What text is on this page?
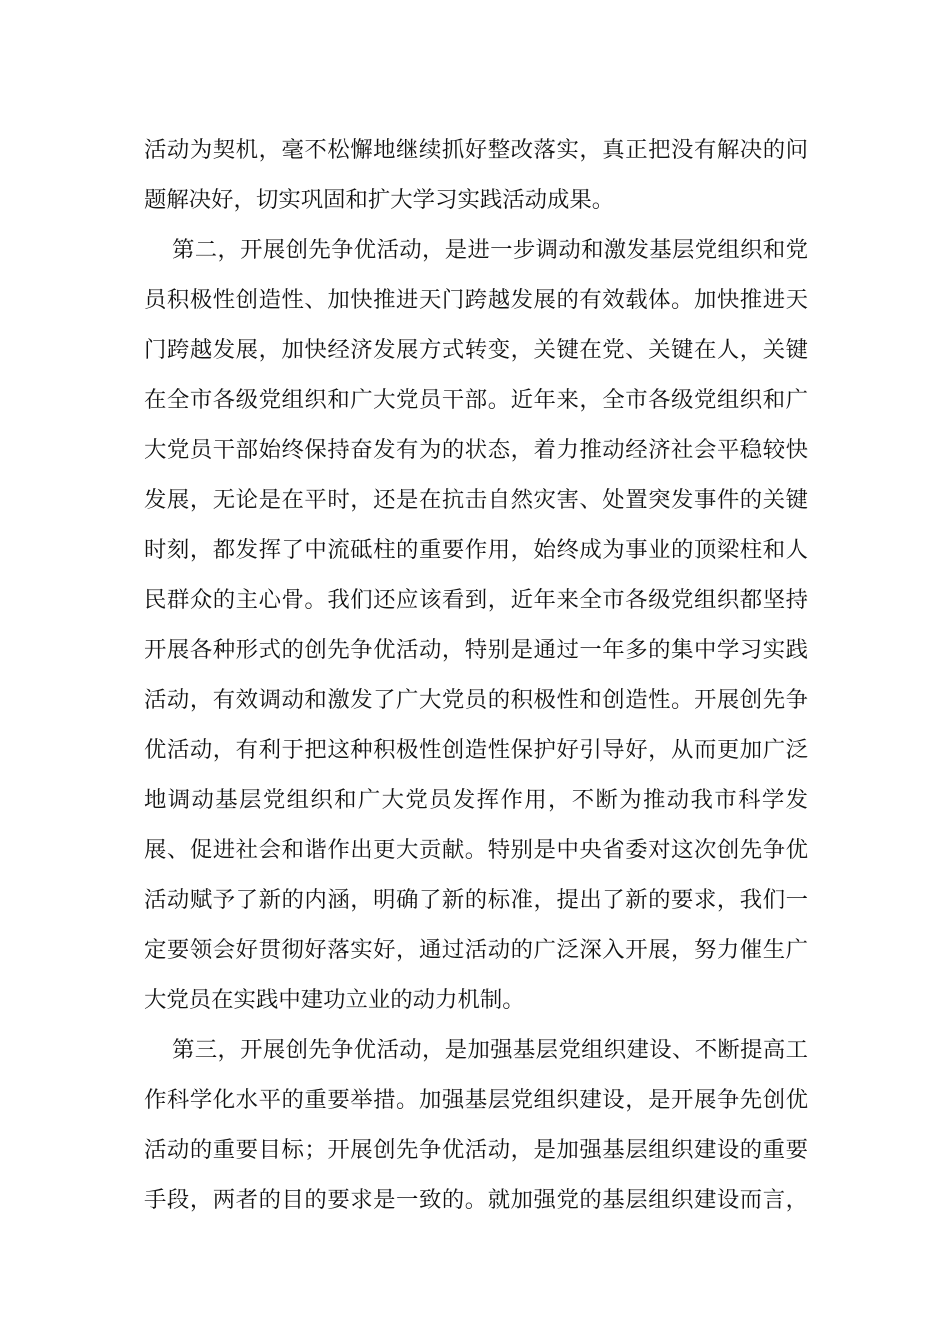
活动为契机，毫不松懈地继续抓好整改落实，真正把没有解决的问
题解决好，切实巩固和扩大学习实践活动成果。
第二，开展创先争优活动，是进一步调动和激发基层党组织和党
员积极性创造性、加快推进天门跨越发展的有效载体。加快推进天
门跨越发展，加快经济发展方式转变，关键在党、关键在人，关键
在全市各级党组织和广大党员干部。近年来，全市各级党组织和广
大党员干部始终保持奋发有为的状态，着力推动经济社会平稳较快
发展，无论是在平时，还是在抗击自然灾害、处置突发事件的关键
时刻，都发挥了中流砥柱的重要作用，始终成为事业的顶梁柱和人
民群众的主心骨。我们还应该看到，近年来全市各级党组织都坚持
开展各种形式的创先争优活动，特别是通过一年多的集中学习实践
活动，有效调动和激发了广大党员的积极性和创造性。开展创先争
优活动，有利于把这种积极性创造性保护好引导好，从而更加广泛
地调动基层党组织和广大党员发挥作用，不断为推动我市科学发
展、促进社会和谐作出更大贡献。特别是中央省委对这次创先争优
活动赋予了新的内涵，明确了新的标准，提出了新的要求，我们一
定要领会好贯彻好落实好，通过活动的广泛深入开展，努力催生广
大党员在实践中建功立业的动力机制。
第三，开展创先争优活动，是加强基层党组织建设、不断提高工
作科学化水平的重要举措。加强基层党组织建设，是开展争先创优
活动的重要目标；开展创先争优活动，是加强基层组织建设的重要
手段，两者的目的要求是一致的。就加强党的基层组织建设而言，
